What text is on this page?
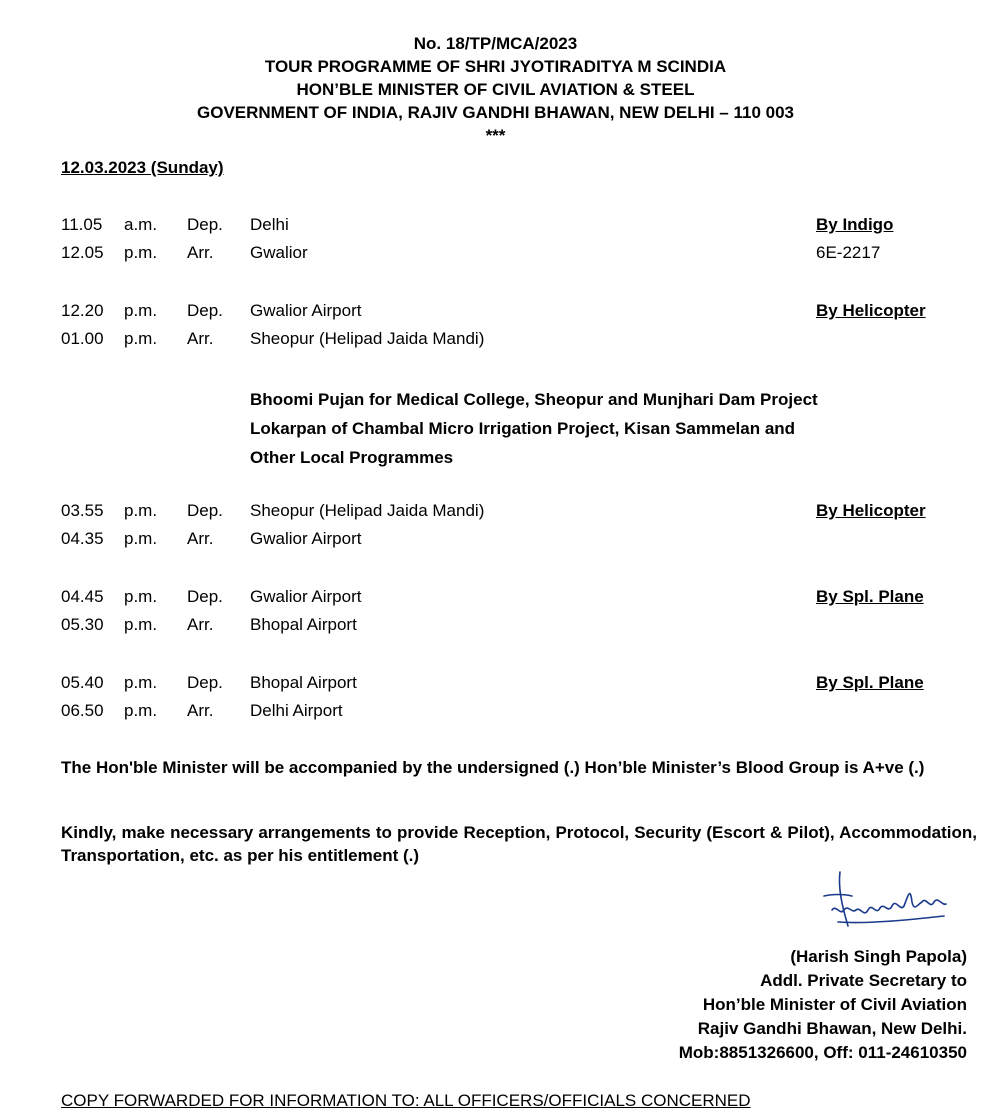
No. 18/TP/MCA/2023
TOUR PROGRAMME OF SHRI JYOTIRADITYA M SCINDIA
HON’BLE MINISTER OF CIVIL AVIATION & STEEL
GOVERNMENT OF INDIA, RAJIV GANDHI BHAWAN, NEW DELHI – 110 003
***
12.03.2023 (Sunday)
11.05 a.m. Dep. Delhi	By Indigo
12.05 p.m. Arr. Gwalior	6E-2217
12.20 p.m. Dep. Gwalior Airport	By Helicopter
01.00 p.m. Arr. Sheopur (Helipad Jaida Mandi)
03.55 p.m. Dep. Sheopur (Helipad Jaida Mandi)	By Helicopter
04.35 p.m. Arr. Gwalior Airport
04.45 p.m. Dep. Gwalior Airport	By Spl. Plane
05.30 p.m. Arr. Bhopal Airport
05.40 p.m. Dep. Bhopal Airport	By Spl. Plane
06.50 p.m. Arr. Delhi Airport
Bhoomi Pujan for Medical College, Sheopur and Munjhari Dam Project
Lokarpan of Chambal Micro Irrigation Project, Kisan Sammelan and
Other Local Programmes
The Hon'ble Minister will be accompanied by the undersigned (.) Hon’ble Minister’s Blood Group is A+ve (.)
Kindly, make necessary arrangements to provide Reception, Protocol, Security (Escort & Pilot), Accommodation, Transportation, etc. as per his entitlement (.)
(Harish Singh Papola)
Addl. Private Secretary to
Hon’ble Minister of Civil Aviation
Rajiv Gandhi Bhawan, New Delhi.
Mob:8851326600, Off: 011-24610350
COPY FORWARDED FOR INFORMATION TO: ALL OFFICERS/OFFICIALS CONCERNED
